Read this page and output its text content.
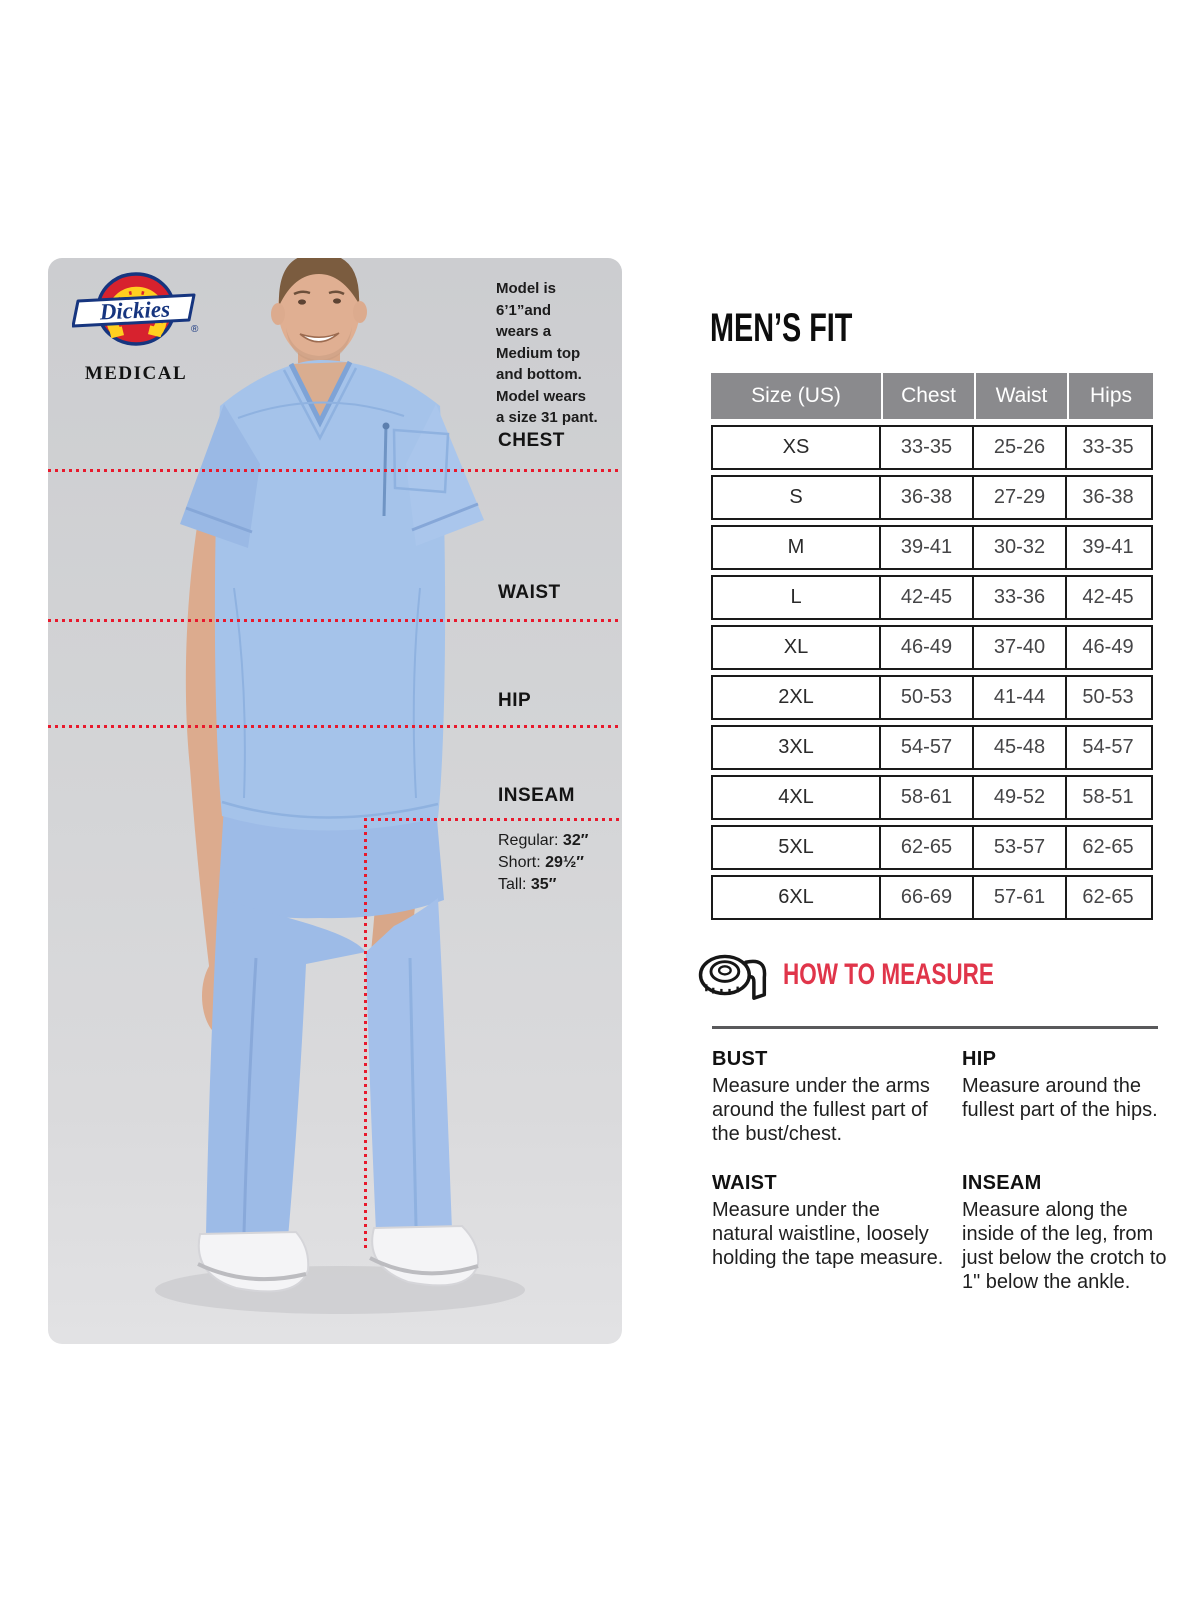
Dickies
®
MEDICAL
Model is
6’1”and
wears a
Medium top
and bottom.
Model wears
a size 31 pant.
CHEST
WAIST
HIP
INSEAM
Regular: 32″
Short: 29½″
Tall: 35″
MEN’S FIT
Size (US)	Chest	Waist	Hips
XS	33-35	25-26	33-35
S	36-38	27-29	36-38
M	39-41	30-32	39-41
L	42-45	33-36	42-45
XL	46-49	37-40	46-49
2XL	50-53	41-44	50-53
3XL	54-57	45-48	54-57
4XL	58-61	49-52	58-51
5XL	62-65	53-57	62-65
6XL	66-69	57-61	62-65
HOW TO MEASURE
BUST
Measure under the arms around the fullest part of the bust/chest.
HIP
Measure around the fullest part of the hips.
WAIST
Measure under the natural waistline, loosely holding the tape measure.
INSEAM
Measure along the inside of the leg, from just below the crotch to 1" below the ankle.
